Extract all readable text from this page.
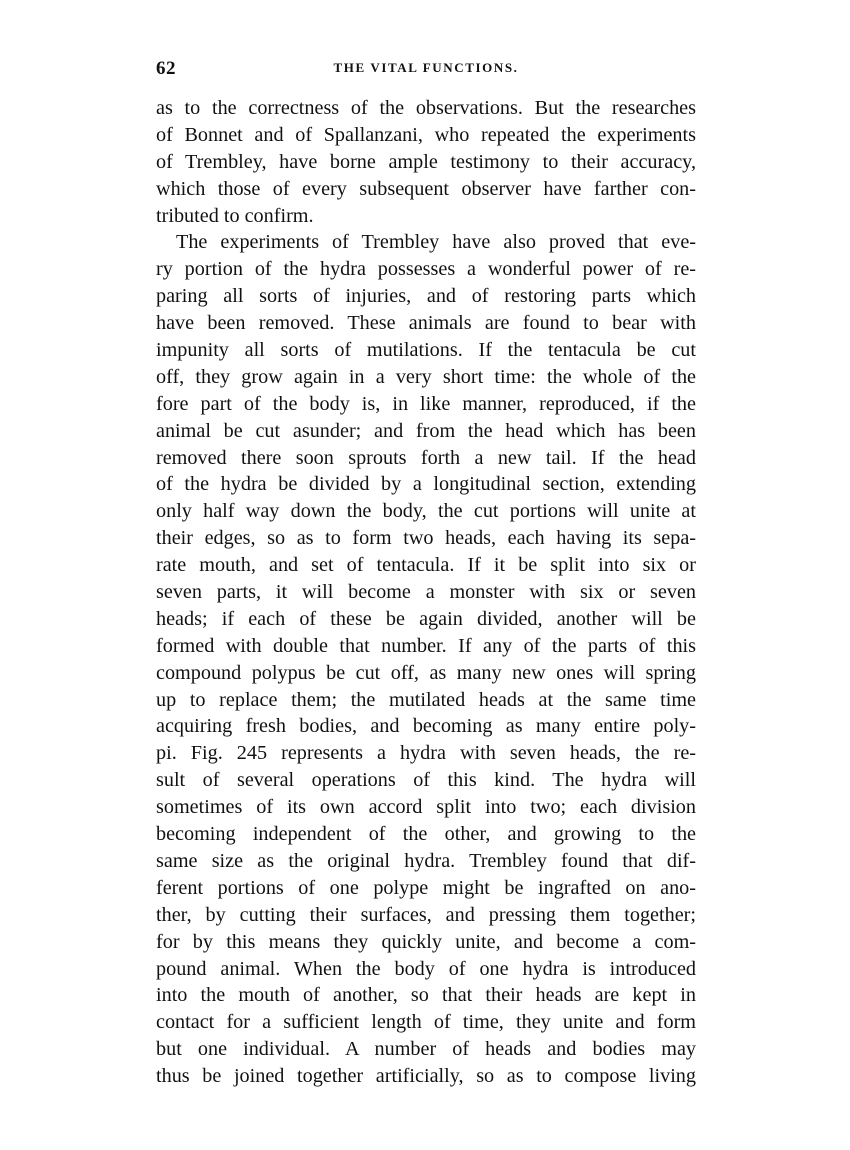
62	THE VITAL FUNCTIONS.
as to the correctness of the observations. But the researches
of Bonnet and of Spallanzani, who repeated the experiments
of Trembley, have borne ample testimony to their accuracy,
which those of every subsequent observer have farther con-
tributed to confirm.
The experiments of Trembley have also proved that eve-
ry portion of the hydra possesses a wonderful power of re-
paring all sorts of injuries, and of restoring parts which
have been removed. These animals are found to bear with
impunity all sorts of mutilations. If the tentacula be cut
off, they grow again in a very short time: the whole of the
fore part of the body is, in like manner, reproduced, if the
animal be cut asunder; and from the head which has been
removed there soon sprouts forth a new tail. If the head
of the hydra be divided by a longitudinal section, extending
only half way down the body, the cut portions will unite at
their edges, so as to form two heads, each having its sepa-
rate mouth, and set of tentacula. If it be split into six or
seven parts, it will become a monster with six or seven
heads; if each of these be again divided, another will be
formed with double that number. If any of the parts of this
compound polypus be cut off, as many new ones will spring
up to replace them; the mutilated heads at the same time
acquiring fresh bodies, and becoming as many entire poly-
pi. Fig. 245 represents a hydra with seven heads, the re-
sult of several operations of this kind. The hydra will
sometimes of its own accord split into two; each division
becoming independent of the other, and growing to the
same size as the original hydra. Trembley found that dif-
ferent portions of one polype might be ingrafted on ano-
ther, by cutting their surfaces, and pressing them together;
for by this means they quickly unite, and become a com-
pound animal. When the body of one hydra is introduced
into the mouth of another, so that their heads are kept in
contact for a sufficient length of time, they unite and form
but one individual. A number of heads and bodies may
thus be joined together artificially, so as to compose living
